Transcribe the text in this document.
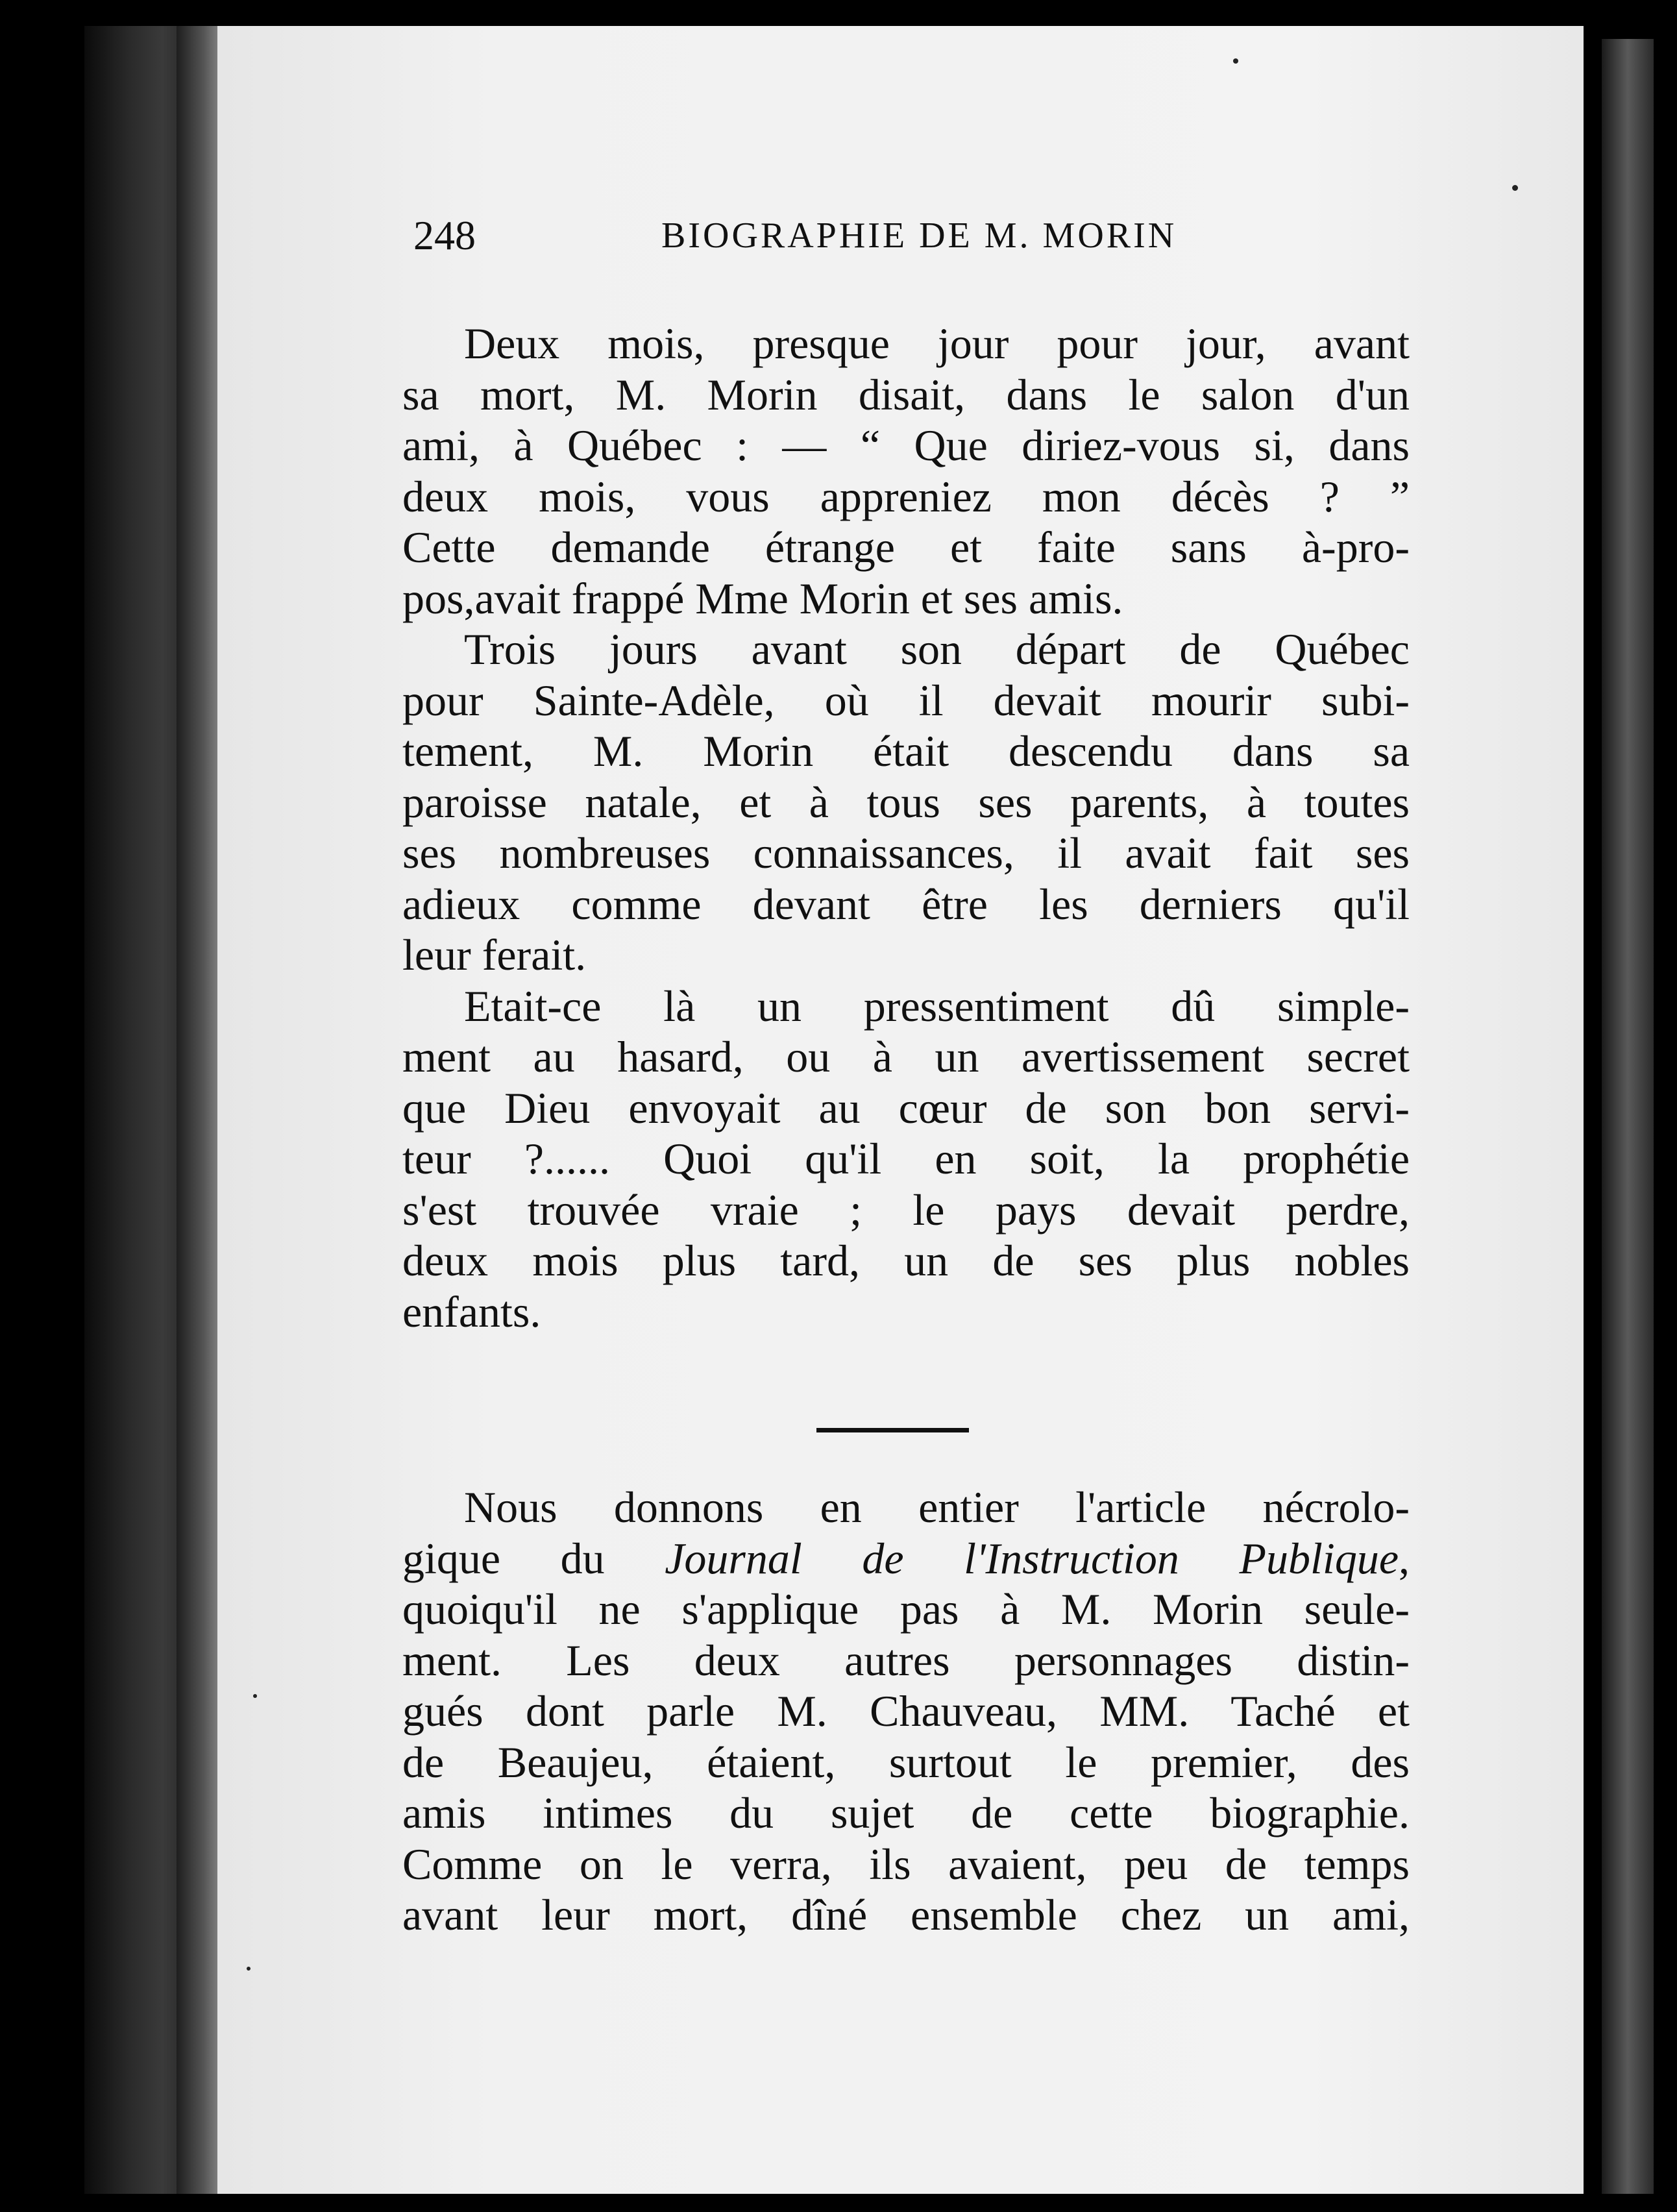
248	BIOGRAPHIE DE M. MORIN

Deux mois, presque jour pour jour, avant
sa mort, M. Morin disait, dans le salon d'un
ami, à Québec : — “ Que diriez-vous si, dans
deux mois, vous appreniez mon décès ? ”
Cette demande étrange et faite sans à-pro-
pos,avait frappé Mme Morin et ses amis.

Trois jours avant son départ de Québec
pour Sainte-Adèle, où il devait mourir subi-
tement, M. Morin était descendu dans sa
paroisse natale, et à tous ses parents, à toutes
ses nombreuses connaissances, il avait fait ses
adieux comme devant être les derniers qu'il
leur ferait.

Etait-ce là un pressentiment dû simple-
ment au hasard, ou à un avertissement secret
que Dieu envoyait au cœur de son bon servi-
teur ?...... Quoi qu'il en soit, la prophétie
s'est trouvée vraie ; le pays devait perdre,
deux mois plus tard, un de ses plus nobles
enfants.

Nous donnons en entier l'article nécrolo-
gique du Journal de l'Instruction Publique,
quoiqu'il ne s'applique pas à M. Morin seule-
ment. Les deux autres personnages distin-
gués dont parle M. Chauveau, MM. Taché et
de Beaujeu, étaient, surtout le premier, des
amis intimes du sujet de cette biographie.
Comme on le verra, ils avaient, peu de temps
avant leur mort, dîné ensemble chez un ami,
